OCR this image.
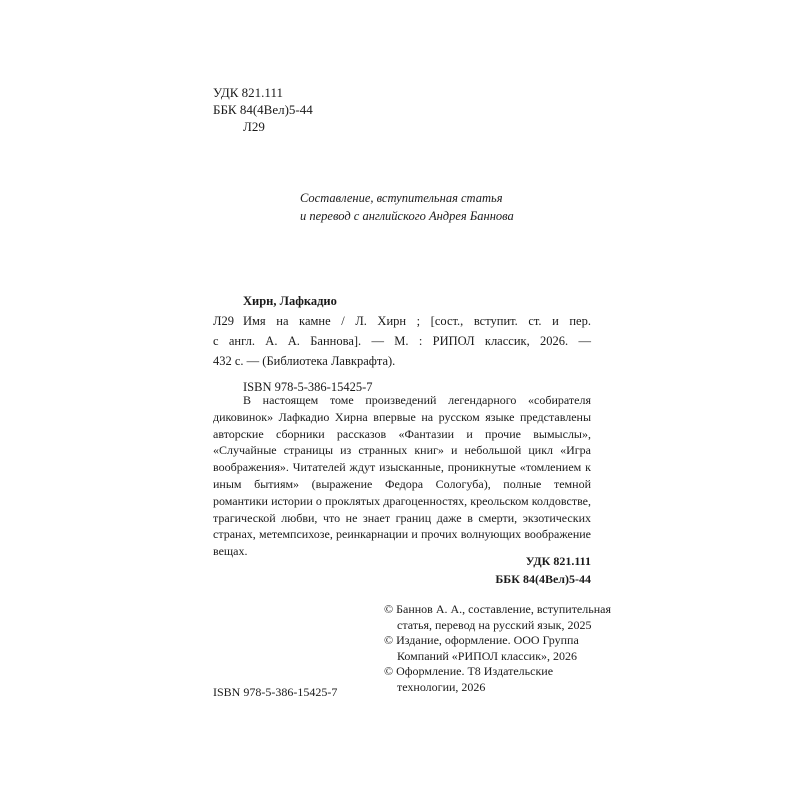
УДК 821.111
ББК 84(4Вел)5-44
Л29
Составление, вступительная статья
и перевод с английского Андрея Баннова
Хирн, Лафкадио
Л29 Имя на камне / Л. Хирн ; [сост., вступит. ст. и пер.
с англ. А. А. Баннова]. — М. : РИПОЛ классик, 2026. —
432 с. — (Библиотека Лавкрафта).
ISBN 978-5-386-15425-7

В настоящем томе произведений легендарного «собирателя диковинок» Лафкадио Хирна впервые на русском языке представлены авторские сборники рассказов «Фантазии и прочие вымыслы», «Случайные страницы из странных книг» и небольшой цикл «Игра воображения». Читателей ждут изысканные, проникнутые «томлением к иным бытиям» (выражение Федора Сологуба), полные темной романтики истории о проклятых драгоценностях, креольском колдовстве, трагической любви, что не знает границ даже в смерти, экзотических странах, метемпсихозе, реинкарнации и прочих волнующих воображение вещах.

УДК 821.111
ББК 84(4Вел)5-44
© Баннов А. А., составление, вступительная статья, перевод на русский язык, 2025
© Издание, оформление. ООО Группа Компаний «РИПОЛ классик», 2026
© Оформление. Т8 Издательские технологии, 2026
ISBN 978-5-386-15425-7
